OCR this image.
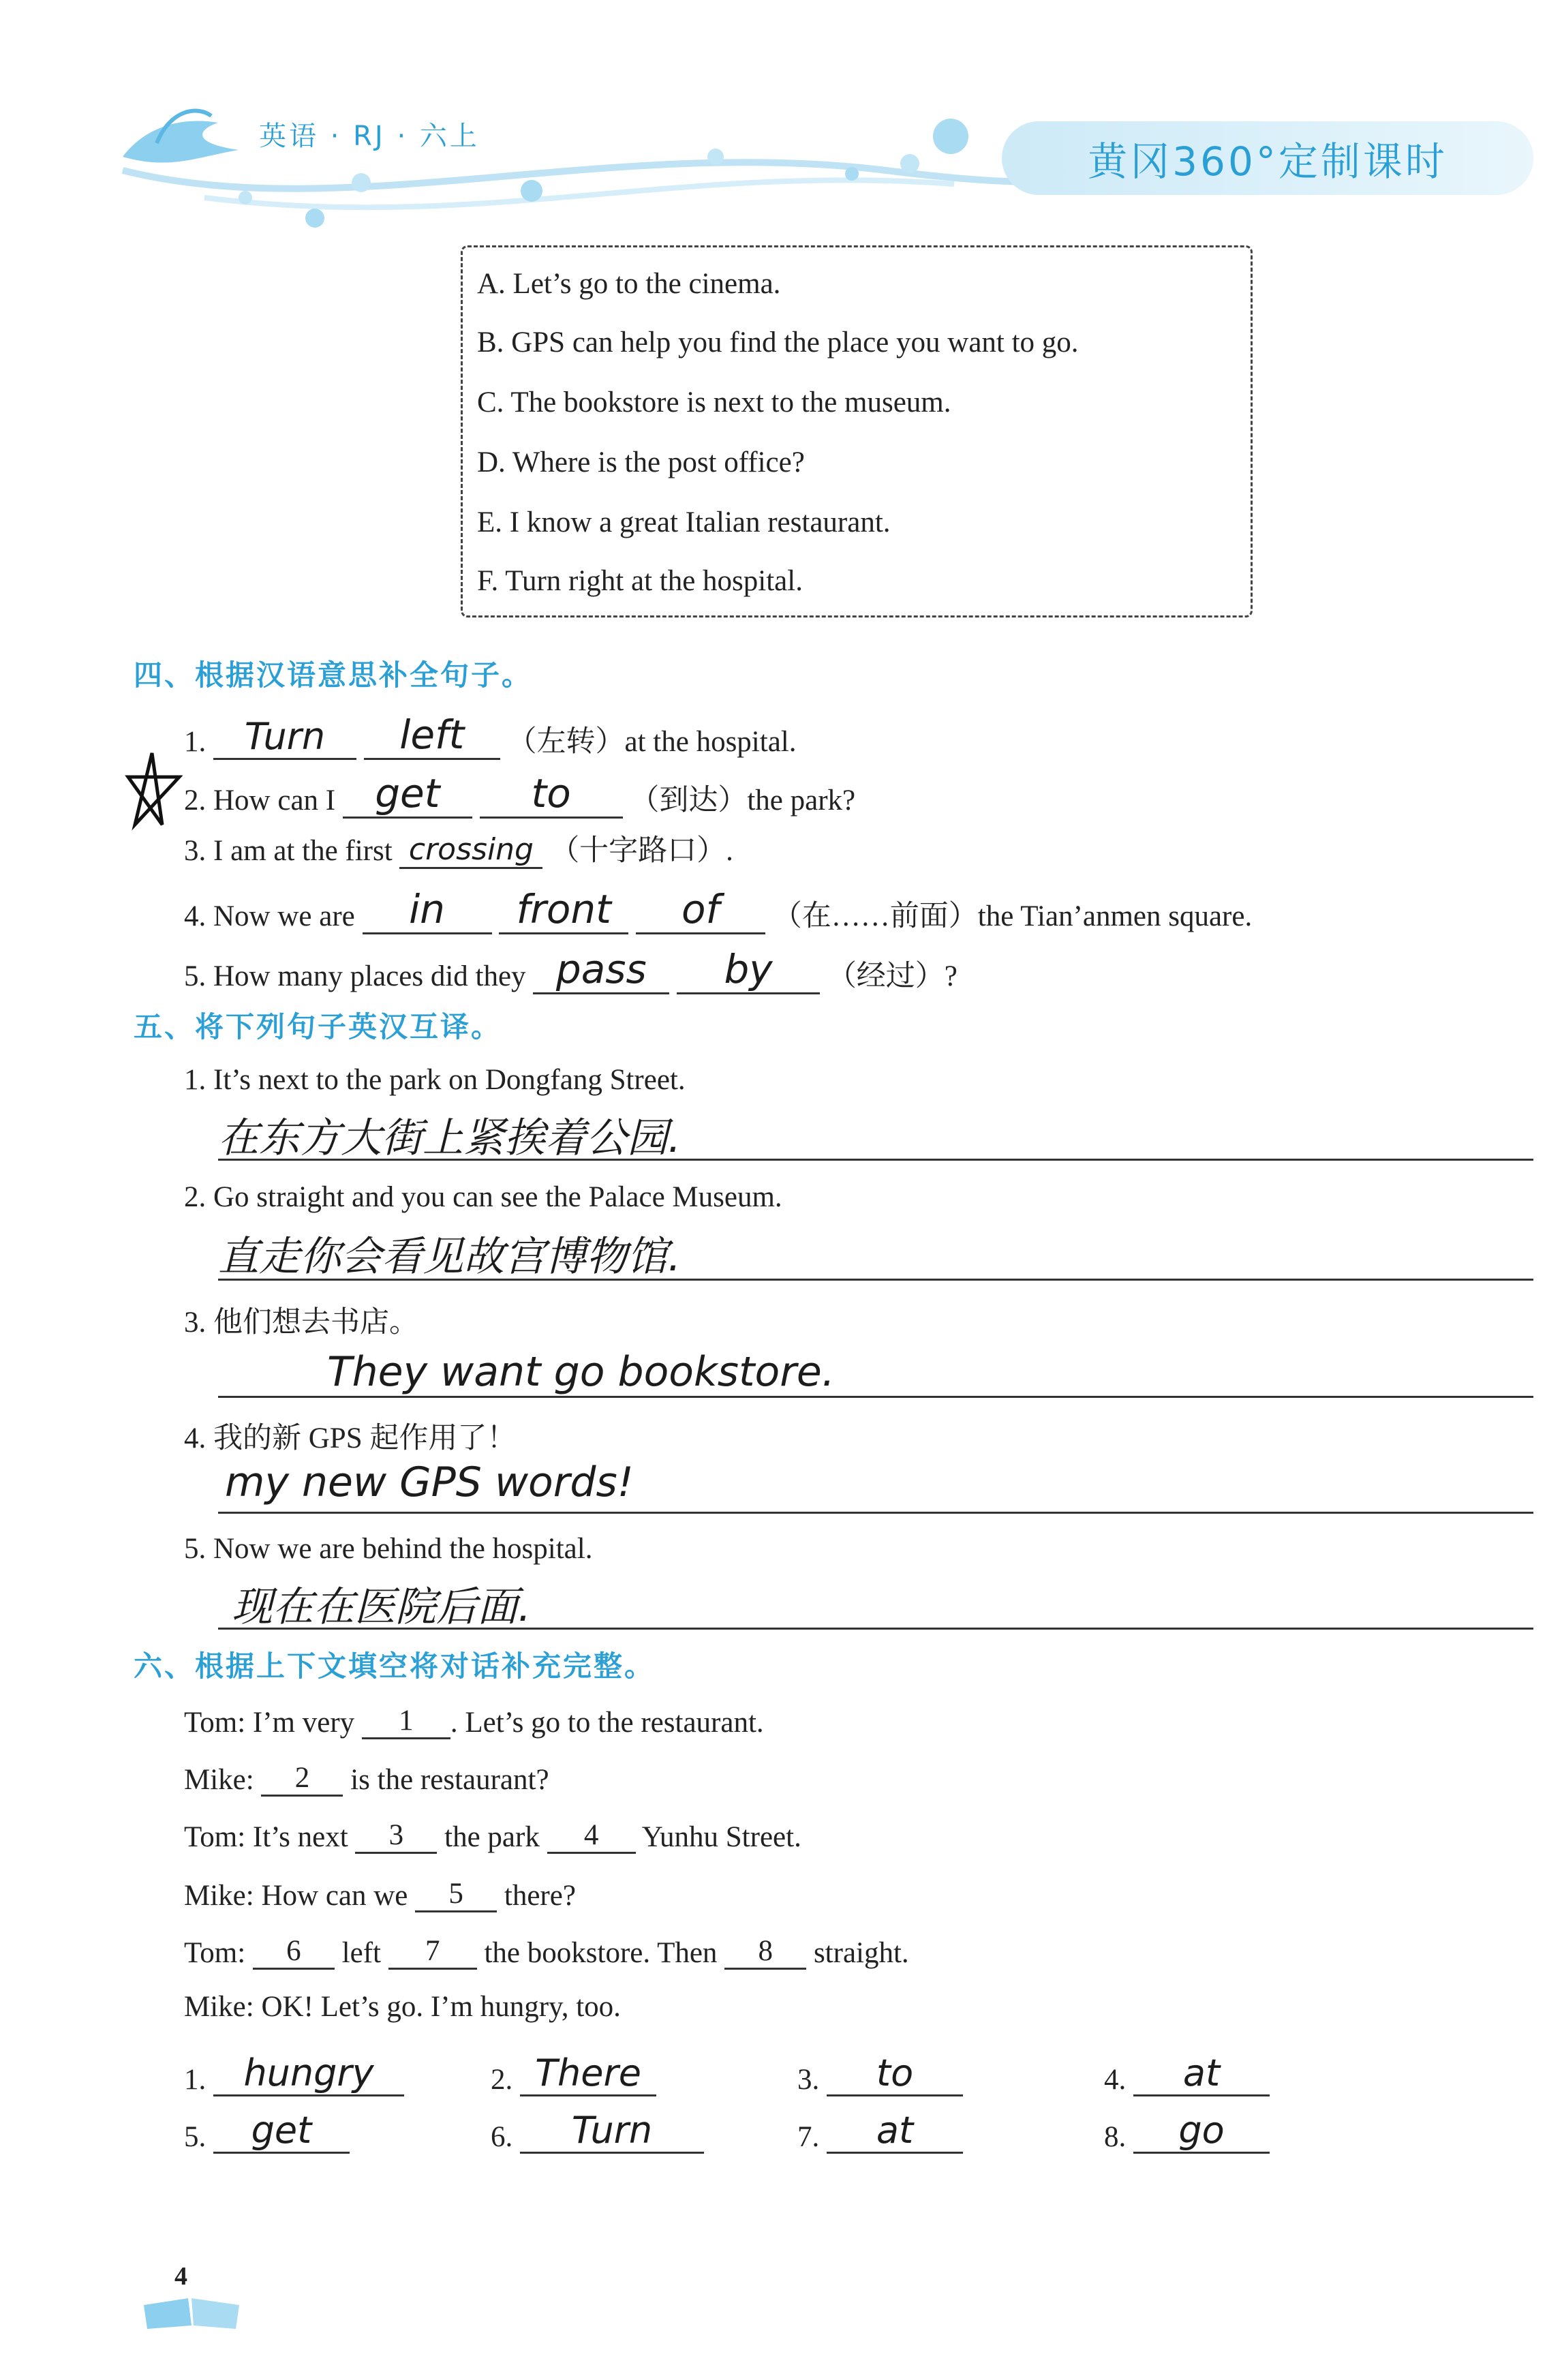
英语 · RJ · 六上
黄冈360°定制课时
A. Let’s go to the cinema.
B. GPS can help you find the place you want to go.
C. The bookstore is next to the museum.
D. Where is the post office?
E. I know a great Italian restaurant.
F. Turn right at the hospital.
四、根据汉语意思补全句子。
1. Turn left （左转）at the hospital.
2. How can I get to （到达）the park?
3. I am at the first crossing （十字路口）.
4. Now we are in front of （在……前面）the Tian’anmen square.
5. How many places did they pass by （经过）?
五、将下列句子英汉互译。
1. It’s next to the park on Dongfang Street.
在东方大街上紧挨着公园.
2. Go straight and you can see the Palace Museum.
直走你会看见故宫博物馆.
3. 他们想去书店。
They want go bookstore.
4. 我的新 GPS 起作用了！
my new GPS words!
5. Now we are behind the hospital.
现在在医院后面.
六、根据上下文填空将对话补充完整。
Tom: I’m very 1 . Let’s go to the restaurant.
Mike: 2 is the restaurant?
Tom: It’s next 3 the park 4 Yunhu Street.
Mike: How can we 5 there?
Tom: 6 left 7 the bookstore. Then 8 straight.
Mike: OK! Let’s go. I’m hungry, too.
1. hungry	2. There	3. to	4. at
5. get	6. Turn	7. at	8. go
4
